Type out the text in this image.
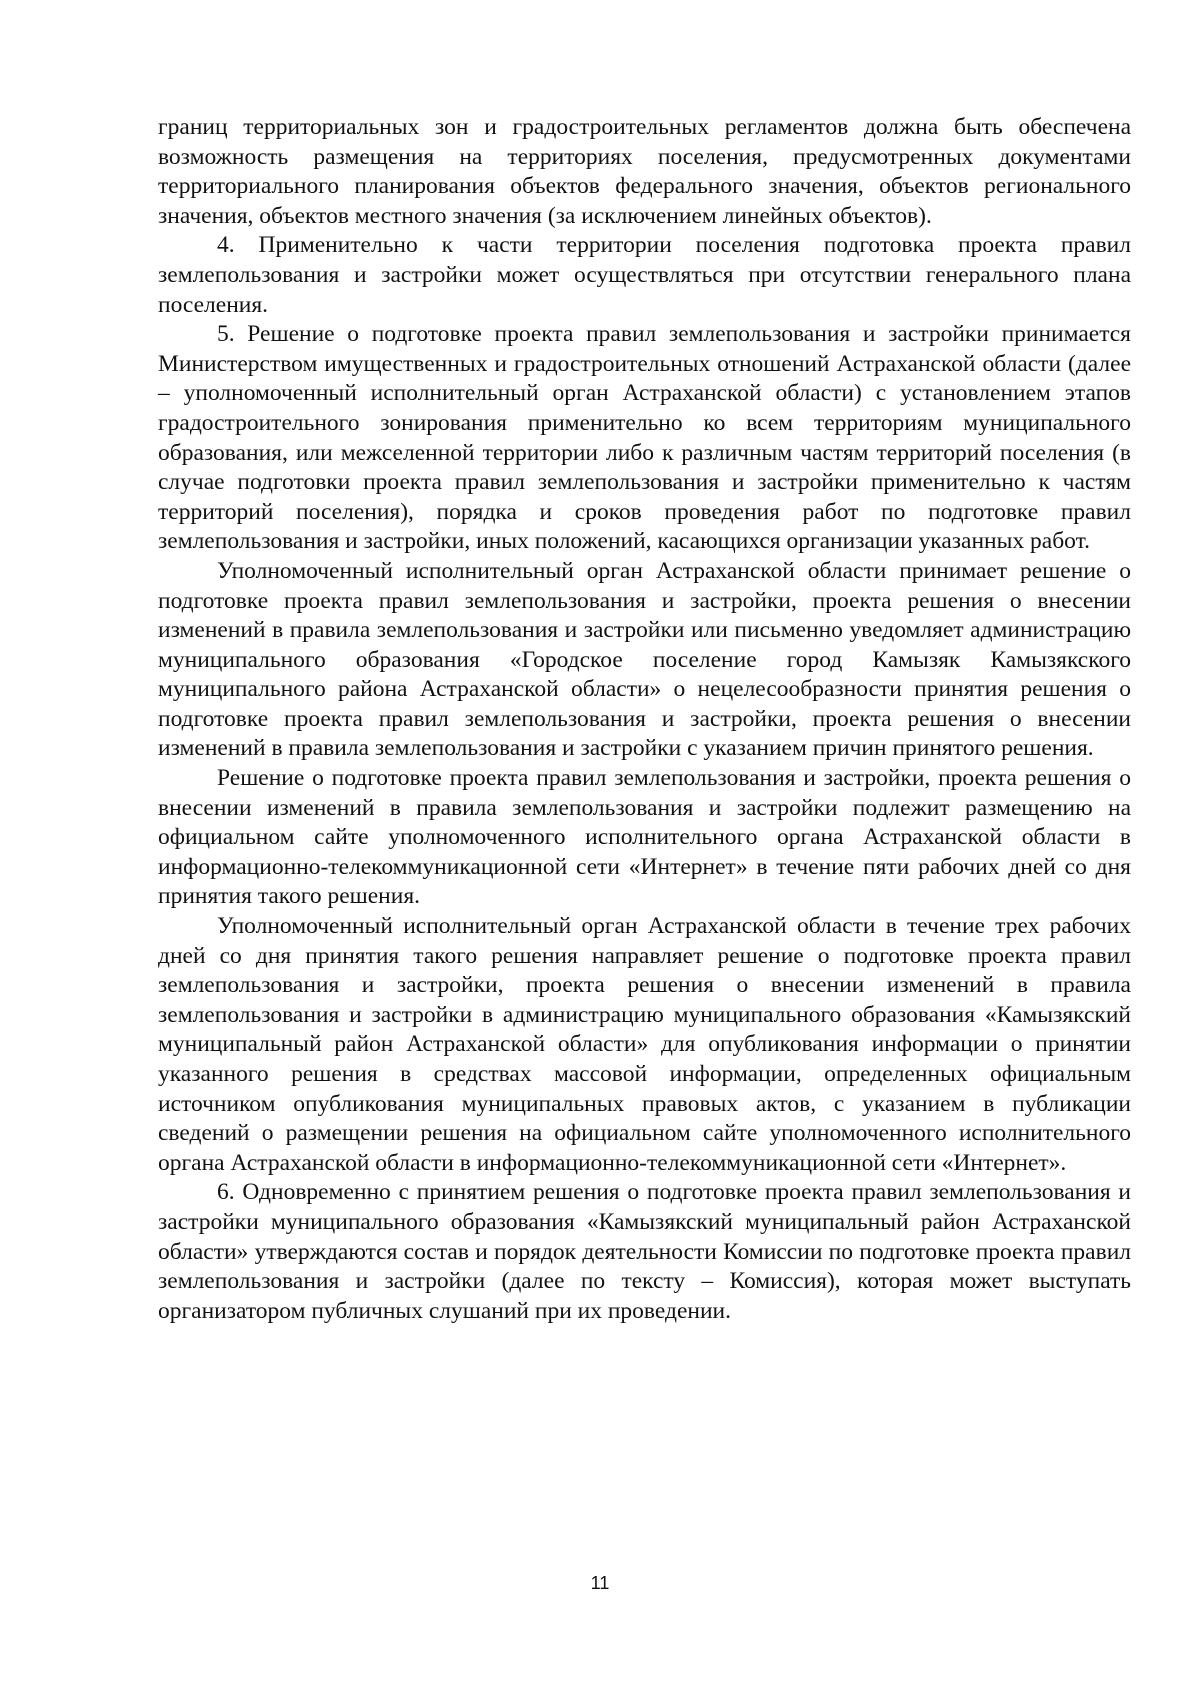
границ территориальных зон и градостроительных регламентов должна быть обеспечена возможность размещения на территориях поселения, предусмотренных документами территориального планирования объектов федерального значения, объектов регионального значения, объектов местного значения (за исключением линейных объектов).

4. Применительно к части территории поселения подготовка проекта правил землепользования и застройки может осуществляться при отсутствии генерального плана поселения.

5. Решение о подготовке проекта правил землепользования и застройки принимается Министерством имущественных и градостроительных отношений Астраханской области (далее – уполномоченный исполнительный орган Астраханской области) с установлением этапов градостроительного зонирования применительно ко всем территориям муниципального образования, или межселенной территории либо к различным частям территорий поселения (в случае подготовки проекта правил землепользования и застройки применительно к частям территорий поселения), порядка и сроков проведения работ по подготовке правил землепользования и застройки, иных положений, касающихся организации указанных работ.

Уполномоченный исполнительный орган Астраханской области принимает решение о подготовке проекта правил землепользования и застройки, проекта решения о внесении изменений в правила землепользования и застройки или письменно уведомляет администрацию муниципального образования «Городское поселение город Камызяк Камызякского муниципального района Астраханской области» о нецелесообразности принятия решения о подготовке проекта правил землепользования и застройки, проекта решения о внесении изменений в правила землепользования и застройки с указанием причин принятого решения.

Решение о подготовке проекта правил землепользования и застройки, проекта решения о внесении изменений в правила землепользования и застройки подлежит размещению на официальном сайте уполномоченного исполнительного органа Астраханской области в информационно-телекоммуникационной сети «Интернет» в течение пяти рабочих дней со дня принятия такого решения.

Уполномоченный исполнительный орган Астраханской области в течение трех рабочих дней со дня принятия такого решения направляет решение о подготовке проекта правил землепользования и застройки, проекта решения о внесении изменений в правила землепользования и застройки в администрацию муниципального образования «Камызякский муниципальный район Астраханской области» для опубликования информации о принятии указанного решения в средствах массовой информации, определенных официальным источником опубликования муниципальных правовых актов, с указанием в публикации сведений о размещении решения на официальном сайте уполномоченного исполнительного органа Астраханской области в информационно-телекоммуникационной сети «Интернет».

6. Одновременно с принятием решения о подготовке проекта правил землепользования и застройки муниципального образования «Камызякский муниципальный район Астраханской области» утверждаются состав и порядок деятельности Комиссии по подготовке проекта правил землепользования и застройки (далее по тексту – Комиссия), которая может выступать организатором публичных слушаний при их проведении.

11
